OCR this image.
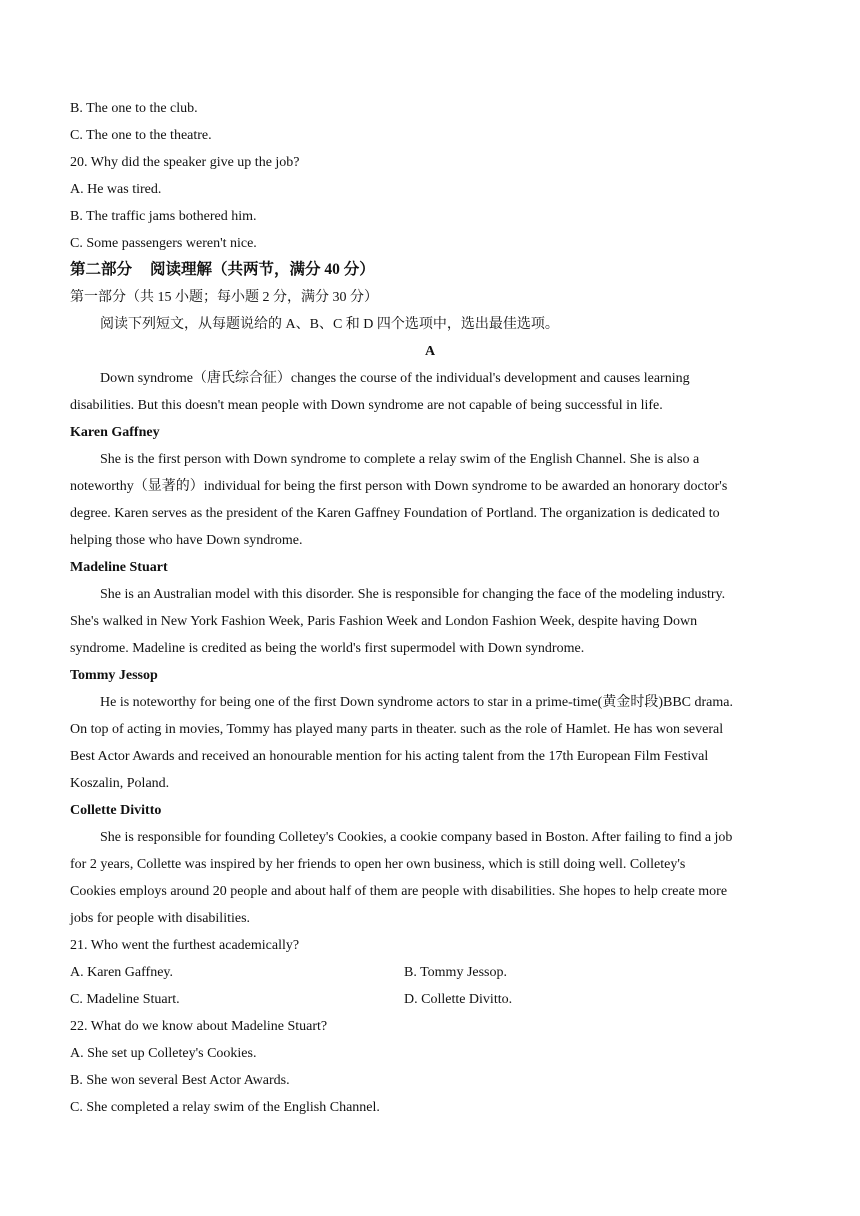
B. The one to the club.

C. The one to the theatre.

20. Why did the speaker give up the job?

A. He was tired.

B. The traffic jams bothered him.

C. Some passengers weren't nice.

第二部分 阅读理解（共两节，满分 40 分）

第一部分（共 15 小题；每小题 2 分，满分 30 分）

阅读下列短文，从每题说给的 A、B、C 和 D 四个选项中，选出最佳选项。

A

Down syndrome（唐氏综合征）changes the course of the individual's development and causes learning

disabilities. But this doesn't mean people with Down syndrome are not capable of being successful in life.

Karen Gaffney

She is the first person with Down syndrome to complete a relay swim of the English Channel. She is also a

noteworthy（显著的）individual for being the first person with Down syndrome to be awarded an honorary doctor's

degree. Karen serves as the president of the Karen Gaffney Foundation of Portland. The organization is dedicated to

helping those who have Down syndrome.

Madeline Stuart

She is an Australian model with this disorder. She is responsible for changing the face of the modeling industry.

She's walked in New York Fashion Week, Paris Fashion Week and London Fashion Week, despite having Down

syndrome. Madeline is credited as being the world's first supermodel with Down syndrome.

Tommy Jessop

He is noteworthy for being one of the first Down syndrome actors to star in a prime-time(黄金时段)BBC drama.

On top of acting in movies, Tommy has played many parts in theater. such as the role of Hamlet. He has won several

Best Actor Awards and received an honourable mention for his acting talent from the 17th European Film Festival

Koszalin, Poland.

Collette Divitto

She is responsible for founding Colletey's Cookies, a cookie company based in Boston. After failing to find a job

for 2 years, Collette was inspired by her friends to open her own business, which is still doing well. Colletey's

Cookies employs around 20 people and about half of them are people with disabilities. She hopes to help create more

jobs for people with disabilities.

21. Who went the furthest academically?

A. Karen Gaffney.	B. Tommy Jessop.

C. Madeline Stuart.	D. Collette Divitto.

22. What do we know about Madeline Stuart?

A. She set up Colletey's Cookies.

B. She won several Best Actor Awards.

C. She completed a relay swim of the English Channel.
